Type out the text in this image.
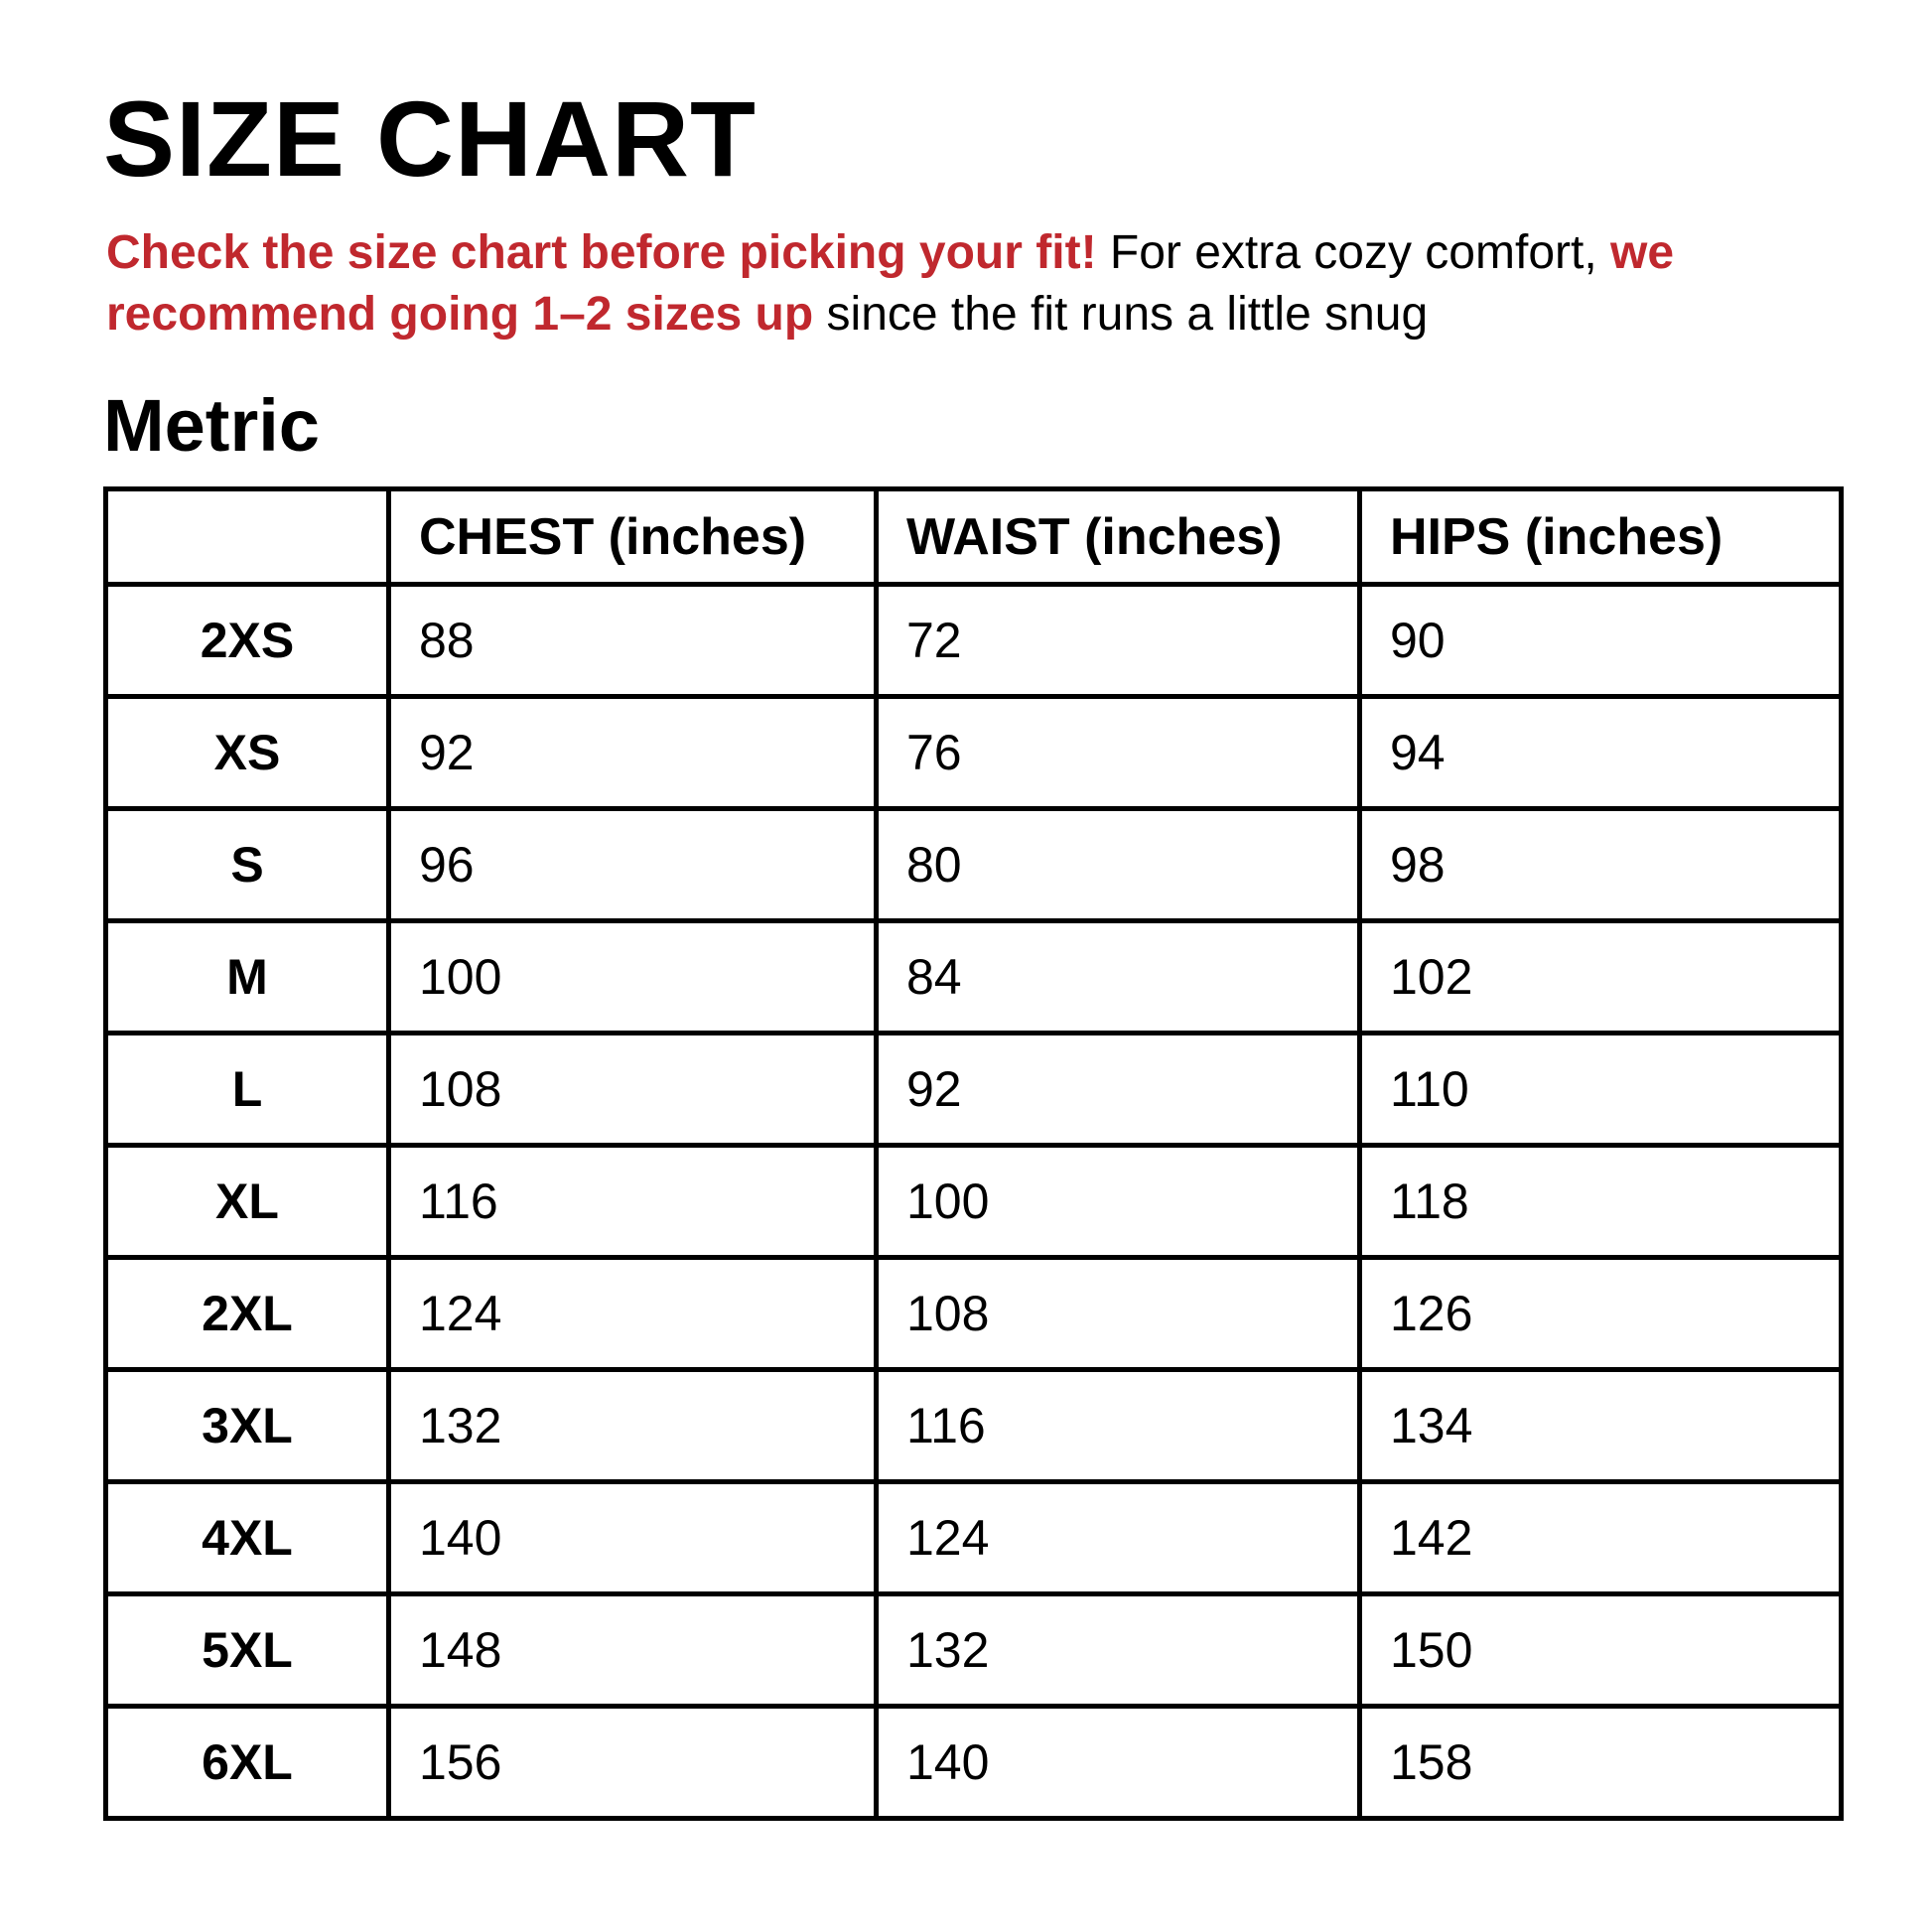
SIZE CHART

Check the size chart before picking your fit! For extra cozy comfort, we recommend going 1–2 sizes up since the fit runs a little snug

Metric
	CHEST (inches)	WAIST (inches)	HIPS (inches)
2XS	88	72	90
XS	92	76	94
S	96	80	98
M	100	84	102
L	108	92	110
XL	116	100	118
2XL	124	108	126
3XL	132	116	134
4XL	140	124	142
5XL	148	132	150
6XL	156	140	158
